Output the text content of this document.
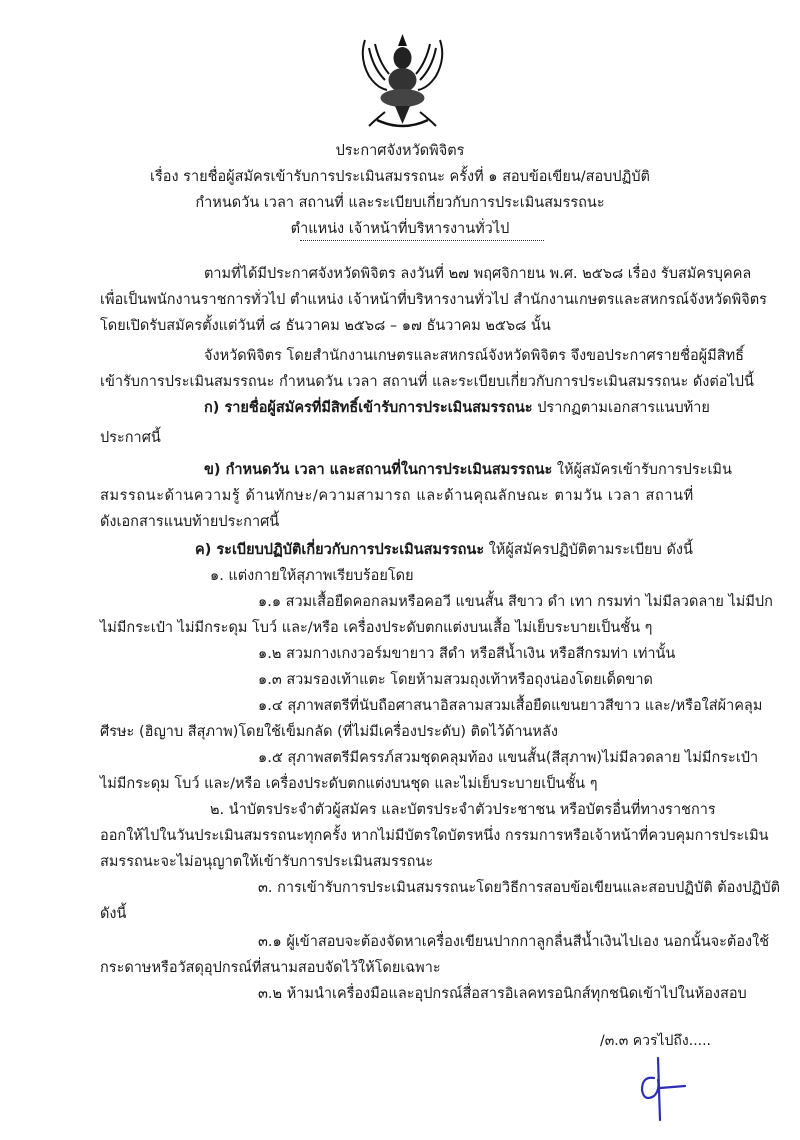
ประกาศจังหวัดพิจิตร
เรื่อง รายชื่อผู้สมัครเข้ารับการประเมินสมรรถนะ ครั้งที่ ๑ สอบข้อเขียน/สอบปฏิบัติ
กำหนดวัน เวลา สถานที่ และระเบียบเกี่ยวกับการประเมินสมรรถนะ
ตำแหน่ง เจ้าหน้าที่บริหารงานทั่วไป
ตามที่ได้มีประกาศจังหวัดพิจิตร ลงวันที่ ๒๗ พฤศจิกายน พ.ศ. ๒๕๖๘ เรื่อง รับสมัครบุคคล
เพื่อเป็นพนักงานราชการทั่วไป ตำแหน่ง เจ้าหน้าที่บริหารงานทั่วไป สำนักงานเกษตรและสหกรณ์จังหวัดพิจิตร
โดยเปิดรับสมัครตั้งแต่วันที่ ๘ ธันวาคม ๒๕๖๘ – ๑๗ ธันวาคม ๒๕๖๘ นั้น
จังหวัดพิจิตร โดยสำนักงานเกษตรและสหกรณ์จังหวัดพิจิตร จึงขอประกาศรายชื่อผู้มีสิทธิ์
เข้ารับการประเมินสมรรถนะ กำหนดวัน เวลา สถานที่ และระเบียบเกี่ยวกับการประเมินสมรรถนะ ดังต่อไปนี้
ก) รายชื่อผู้สมัครที่มีสิทธิ์เข้ารับการประเมินสมรรถนะ ปรากฏตามเอกสารแนบท้าย
ประกาศนี้
ข) กำหนดวัน เวลา และสถานที่ในการประเมินสมรรถนะ ให้ผู้สมัครเข้ารับการประเมิน
สมรรถนะด้านความรู้ ด้านทักษะ/ความสามารถ และด้านคุณลักษณะ ตามวัน เวลา สถานที่
ดังเอกสารแนบท้ายประกาศนี้
ค) ระเบียบปฏิบัติเกี่ยวกับการประเมินสมรรถนะ ให้ผู้สมัครปฏิบัติตามระเบียบ ดังนี้
๑. แต่งกายให้สุภาพเรียบร้อยโดย
๑.๑ สวมเสื้อยืดคอกลมหรือคอวี แขนสั้น สีขาว ดำ เทา กรมท่า ไม่มีลวดลาย ไม่มีปก
ไม่มีกระเป๋า ไม่มีกระดุม โบว์ และ/หรือ เครื่องประดับตกแต่งบนเสื้อ ไม่เย็บระบายเป็นชั้น ๆ
๑.๒ สวมกางเกงวอร์มขายาว สีดำ หรือสีน้ำเงิน หรือสีกรมท่า เท่านั้น
๑.๓ สวมรองเท้าแตะ โดยห้ามสวมถุงเท้าหรือถุงน่องโดยเด็ดขาด
๑.๔ สุภาพสตรีที่นับถือศาสนาอิสลามสวมเสื้อยืดแขนยาวสีขาว และ/หรือใส่ผ้าคลุม
ศีรษะ (ฮิญาบ สีสุภาพ)โดยใช้เข็มกลัด (ที่ไม่มีเครื่องประดับ) ติดไว้ด้านหลัง
๑.๕ สุภาพสตรีมีครรภ์สวมชุดคลุมท้อง แขนสั้น(สีสุภาพ)ไม่มีลวดลาย ไม่มีกระเป๋า
ไม่มีกระดุม โบว์ และ/หรือ เครื่องประดับตกแต่งบนชุด และไม่เย็บระบายเป็นชั้น ๆ
๒. นำบัตรประจำตัวผู้สมัคร และบัตรประจำตัวประชาชน หรือบัตรอื่นที่ทางราชการ
ออกให้ไปในวันประเมินสมรรถนะทุกครั้ง หากไม่มีบัตรใดบัตรหนึ่ง กรรมการหรือเจ้าหน้าที่ควบคุมการประเมิน
สมรรถนะจะไม่อนุญาตให้เข้ารับการประเมินสมรรถนะ
๓. การเข้ารับการประเมินสมรรถนะโดยวิธีการสอบข้อเขียนและสอบปฏิบัติ ต้องปฏิบัติ
ดังนี้
๓.๑ ผู้เข้าสอบจะต้องจัดหาเครื่องเขียนปากกาลูกลื่นสีน้ำเงินไปเอง นอกนั้นจะต้องใช้
กระดาษหรือวัสดุอุปกรณ์ที่สนามสอบจัดไว้ให้โดยเฉพาะ
๓.๒ ห้ามนำเครื่องมือและอุปกรณ์สื่อสารอิเลคทรอนิกส์ทุกชนิดเข้าไปในห้องสอบ
/๓.๓ ควรไปถึง.....
